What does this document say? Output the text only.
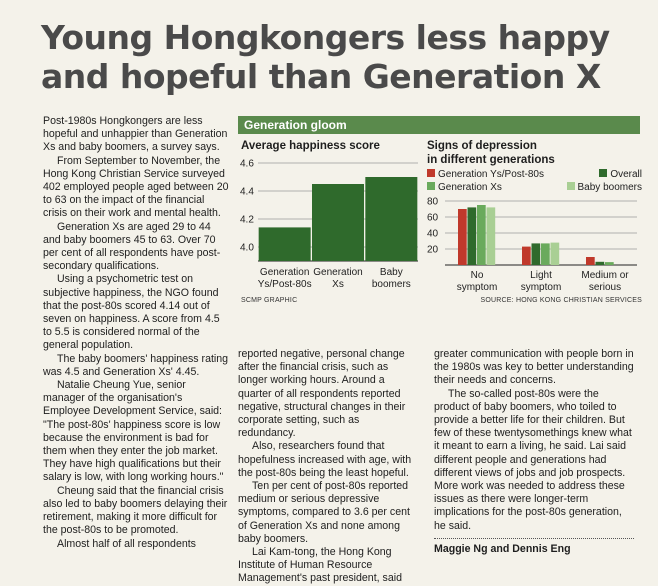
Young Hongkongers less happy and hopeful than Generation X

Post-1980s Hongkongers are less hopeful and unhappier than Generation Xs and baby boomers, a survey says.

From September to November, the Hong Kong Christian Service surveyed 402 employed people aged between 20 to 63 on the impact of the financial crisis on their work and mental health.

Generation Xs are aged 29 to 44 and baby boomers 45 to 63. Over 70 per cent of all respondents have post-secondary qualifications.

Using a psychometric test on subjective happiness, the NGO found that the post-80s scored 4.14 out of seven on happiness. A score from 4.5 to 5.5 is considered normal of the general population.

The baby boomers' happiness rating was 4.5 and Generation Xs' 4.45.

Natalie Cheung Yue, senior manager of the organisation's Employee Development Service, said: "The post-80s' happiness score is low because the environment is bad for them when they enter the job market. They have high qualifications but their salary is low, with long working hours."

Cheung said that the financial crisis also led to baby boomers delaying their retirement, making it more difficult for the post-80s to be promoted.

Almost half of all respondents

Generation gloom
Average happiness score	Signs of depression
in different generations
Generation Ys/Post-80s	Overall
Generation Xs	Baby boomers
4.6
4.4
4.2
4.0
Generation
Ys/Post-80s
Generation
Xs
Baby
boomers
80
60
40
20
No
symptom
Light
symptom
Medium or
serious
SCMP GRAPHIC	SOURCE: HONG KONG CHRISTIAN SERVICES

reported negative, personal change after the financial crisis, such as longer working hours. Around a quarter of all respondents reported negative, structural changes in their corporate setting, such as redundancy.

Also, researchers found that hopefulness increased with age, with the post-80s being the least hopeful.

Ten per cent of post-80s reported medium or serious depressive symptoms, compared to 3.6 per cent of Generation Xs and none among baby boomers.

Lai Kam-tong, the Hong Kong Institute of Human Resource Management's past president, said

greater communication with people born in the 1980s was key to better understanding their needs and concerns.

The so-called post-80s were the product of baby boomers, who toiled to provide a better life for their children. But few of these twentysomethings knew what it meant to earn a living, he said. Lai said different people and generations had different views of jobs and job prospects. More work was needed to address these issues as there were longer-term implications for the post-80s generation, he said.

Maggie Ng and Dennis Eng
